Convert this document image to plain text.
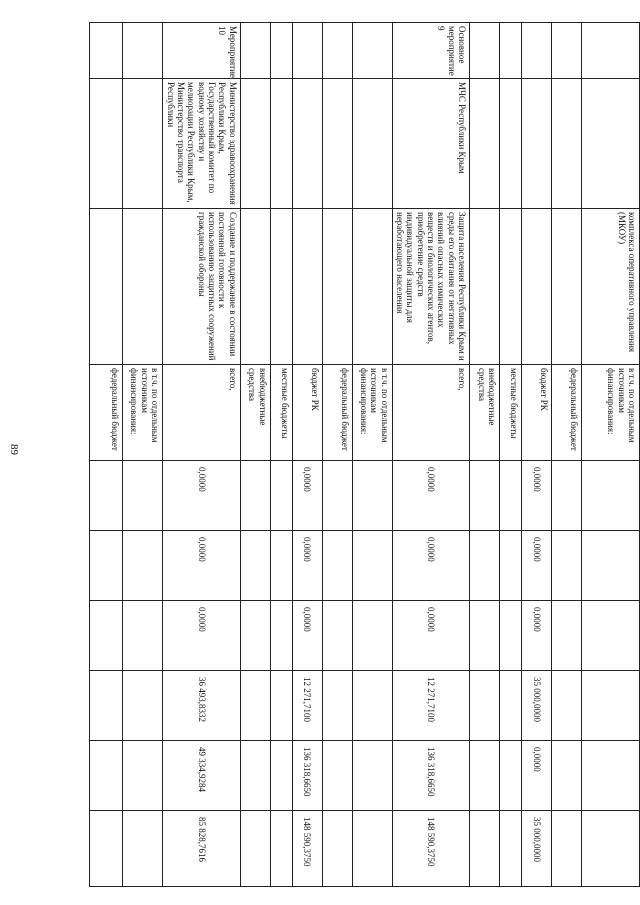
89
		комплекса оперативного управления (МКОУ)	в т.ч. по отдельным источникам финансирования:						
			федеральный бюджет						
			бюджет РК	0,0000	0,0000	0,0000	35 000,0000	0,0000	35 000,0000
			местные бюджеты						
			внебюджетные средства						
Основное мероприятие 9	МЧС Республики Крым	Защита населения Республики Крым и среды его обитания от негативных влияний опасных химических веществ и биологических агентов, приобретение средств индивидуальной защиты для неработающего населения	всего,	0,0000	0,0000	0,0000	12 271,7100	136 318,6650	148 590,3750
			в т.ч. по отдельным источникам финансирования:						
			федеральный бюджет						
			бюджет РК	0,0000	0,0000	0,0000	12 271,7100	136 318,6650	148 590,3750
			местные бюджеты						
			внебюджетные средства						
Мероприятие 10	Министерство здравоохранения Республики Крым, Государственный комитет по водному хозяйству и мелиорации Республики Крым, Министерство транспорта Республики	Создание и поддержание в состоянии постоянной готовности к использованию защитных сооружений гражданской обороны	всего,	0,0000	0,0000	0,0000	36 493,8332	49 334,9284	85 828,7616
			в т.ч. по отдельным источникам финансирования:						
			федеральный бюджет						
